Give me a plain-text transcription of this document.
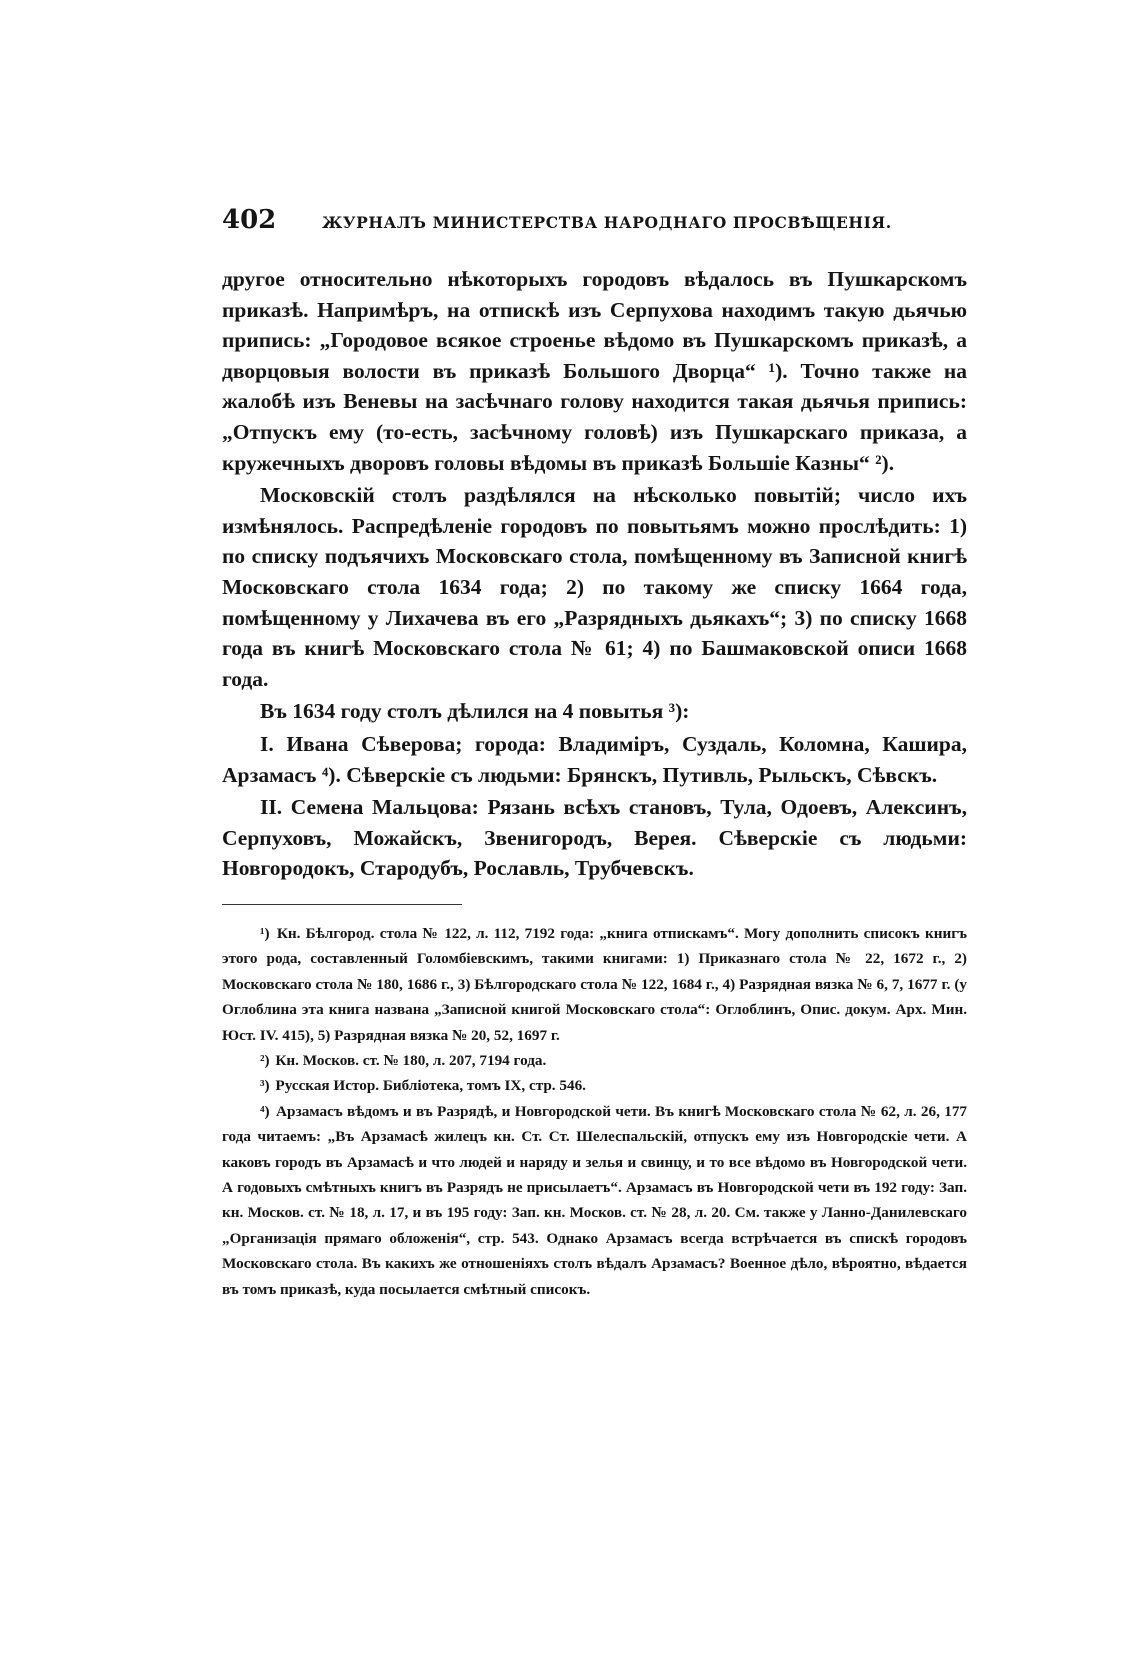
402	ЖУРНАЛЪ МИНИСТЕРСТВА НАРОДНАГО ПРОСВѢЩЕНІЯ.

другое относительно нѣкоторыхъ городовъ вѣдалось въ Пушкарскомъ приказѣ. Напримѣръ, на отпискѣ изъ Серпухова находимъ такую дьячью припись: „Городовое всякое строенье вѣдомо въ Пушкарскомъ приказѣ, а дворцовыя волости въ приказѣ Большого Дворца“ ¹). Точно также на жалобѣ изъ Веневы на засѣчнаго голову находится такая дьячья припись: „Отпускъ ему (то-есть, засѣчному головѣ) изъ Пушкарскаго приказа, а кружечныхъ дворовъ головы вѣдомы въ приказѣ Большіе Казны“ ²).

Московскій столъ раздѣлялся на нѣсколько повытій; число ихъ измѣнялось. Распредѣленіе городовъ по повытьямъ можно прослѣдить: 1) по списку подъячихъ Московскаго стола, помѣщенному въ Записной книгѣ Московскаго стола 1634 года; 2) по такому же списку 1664 года, помѣщенному у Лихачева въ его „Разрядныхъ дьякахъ“; 3) по списку 1668 года въ книгѣ Московскаго стола № 61; 4) по Башмаковской описи 1668 года.

Въ 1634 году столъ дѣлился на 4 повытья ³):

I. Ивана Сѣверова; города: Владиміръ, Суздаль, Коломна, Кашира, Арзамасъ ⁴). Сѣверскіе съ людьми: Брянскъ, Путивль, Рыльскъ, Сѣвскъ.

II. Семена Мальцова: Рязань всѣхъ становъ, Тула, Одоевъ, Алексинъ, Серпуховъ, Можайскъ, Звенигородъ, Верея. Сѣверскіе съ людьми: Новгородокъ, Стародубъ, Рославль, Трубчевскъ.

¹) Кн. Бѣлгород. стола № 122, л. 112, 7192 года: „книга отпискамъ“. Могу дополнить списокъ книгъ этого рода, составленный Голомбіевскимъ, такими книгами: 1) Приказнаго стола № 22, 1672 г., 2) Московскаго стола № 180, 1686 г., 3) Бѣлгородскаго стола № 122, 1684 г., 4) Разрядная вязка № 6, 7, 1677 г. (у Оглоблина эта книга названа „Записной книгой Московскаго стола“: Оглоблинъ, Опис. докум. Арх. Мин. Юст. IV. 415), 5) Разрядная вязка № 20, 52, 1697 г.

²) Кн. Москов. ст. № 180, л. 207, 7194 года.

³) Русская Истор. Библіотека, томъ IX, стр. 546.

⁴) Арзамасъ вѣдомъ и въ Разрядѣ, и Новгородской чети. Въ книгѣ Московскаго стола № 62, л. 26, 177 года читаемъ: „Въ Арзамасѣ жилецъ кн. Ст. Ст. Шелеспальскій, отпускъ ему изъ Новгородскіе чети. А каковъ городъ въ Арзамасѣ и что людей и наряду и зелья и свинцу, и то все вѣдомо въ Новгородской чети. А годовыхъ смѣтныхъ книгъ въ Разрядъ не присылаетъ“. Арзамасъ въ Новгородской чети въ 192 году: Зап. кн. Москов. ст. № 18, л. 17, и въ 195 году: Зап. кн. Москов. ст. № 28, л. 20. См. также у Ланно-Данилевскаго „Организація прямаго обложенія“, стр. 543. Однако Арзамасъ всегда встрѣчается въ спискѣ городовъ Московскаго стола. Въ какихъ же отношеніяхъ столъ вѣдалъ Арзамасъ? Военное дѣло, вѣроятно, вѣдается въ томъ приказѣ, куда посылается смѣтный списокъ.
